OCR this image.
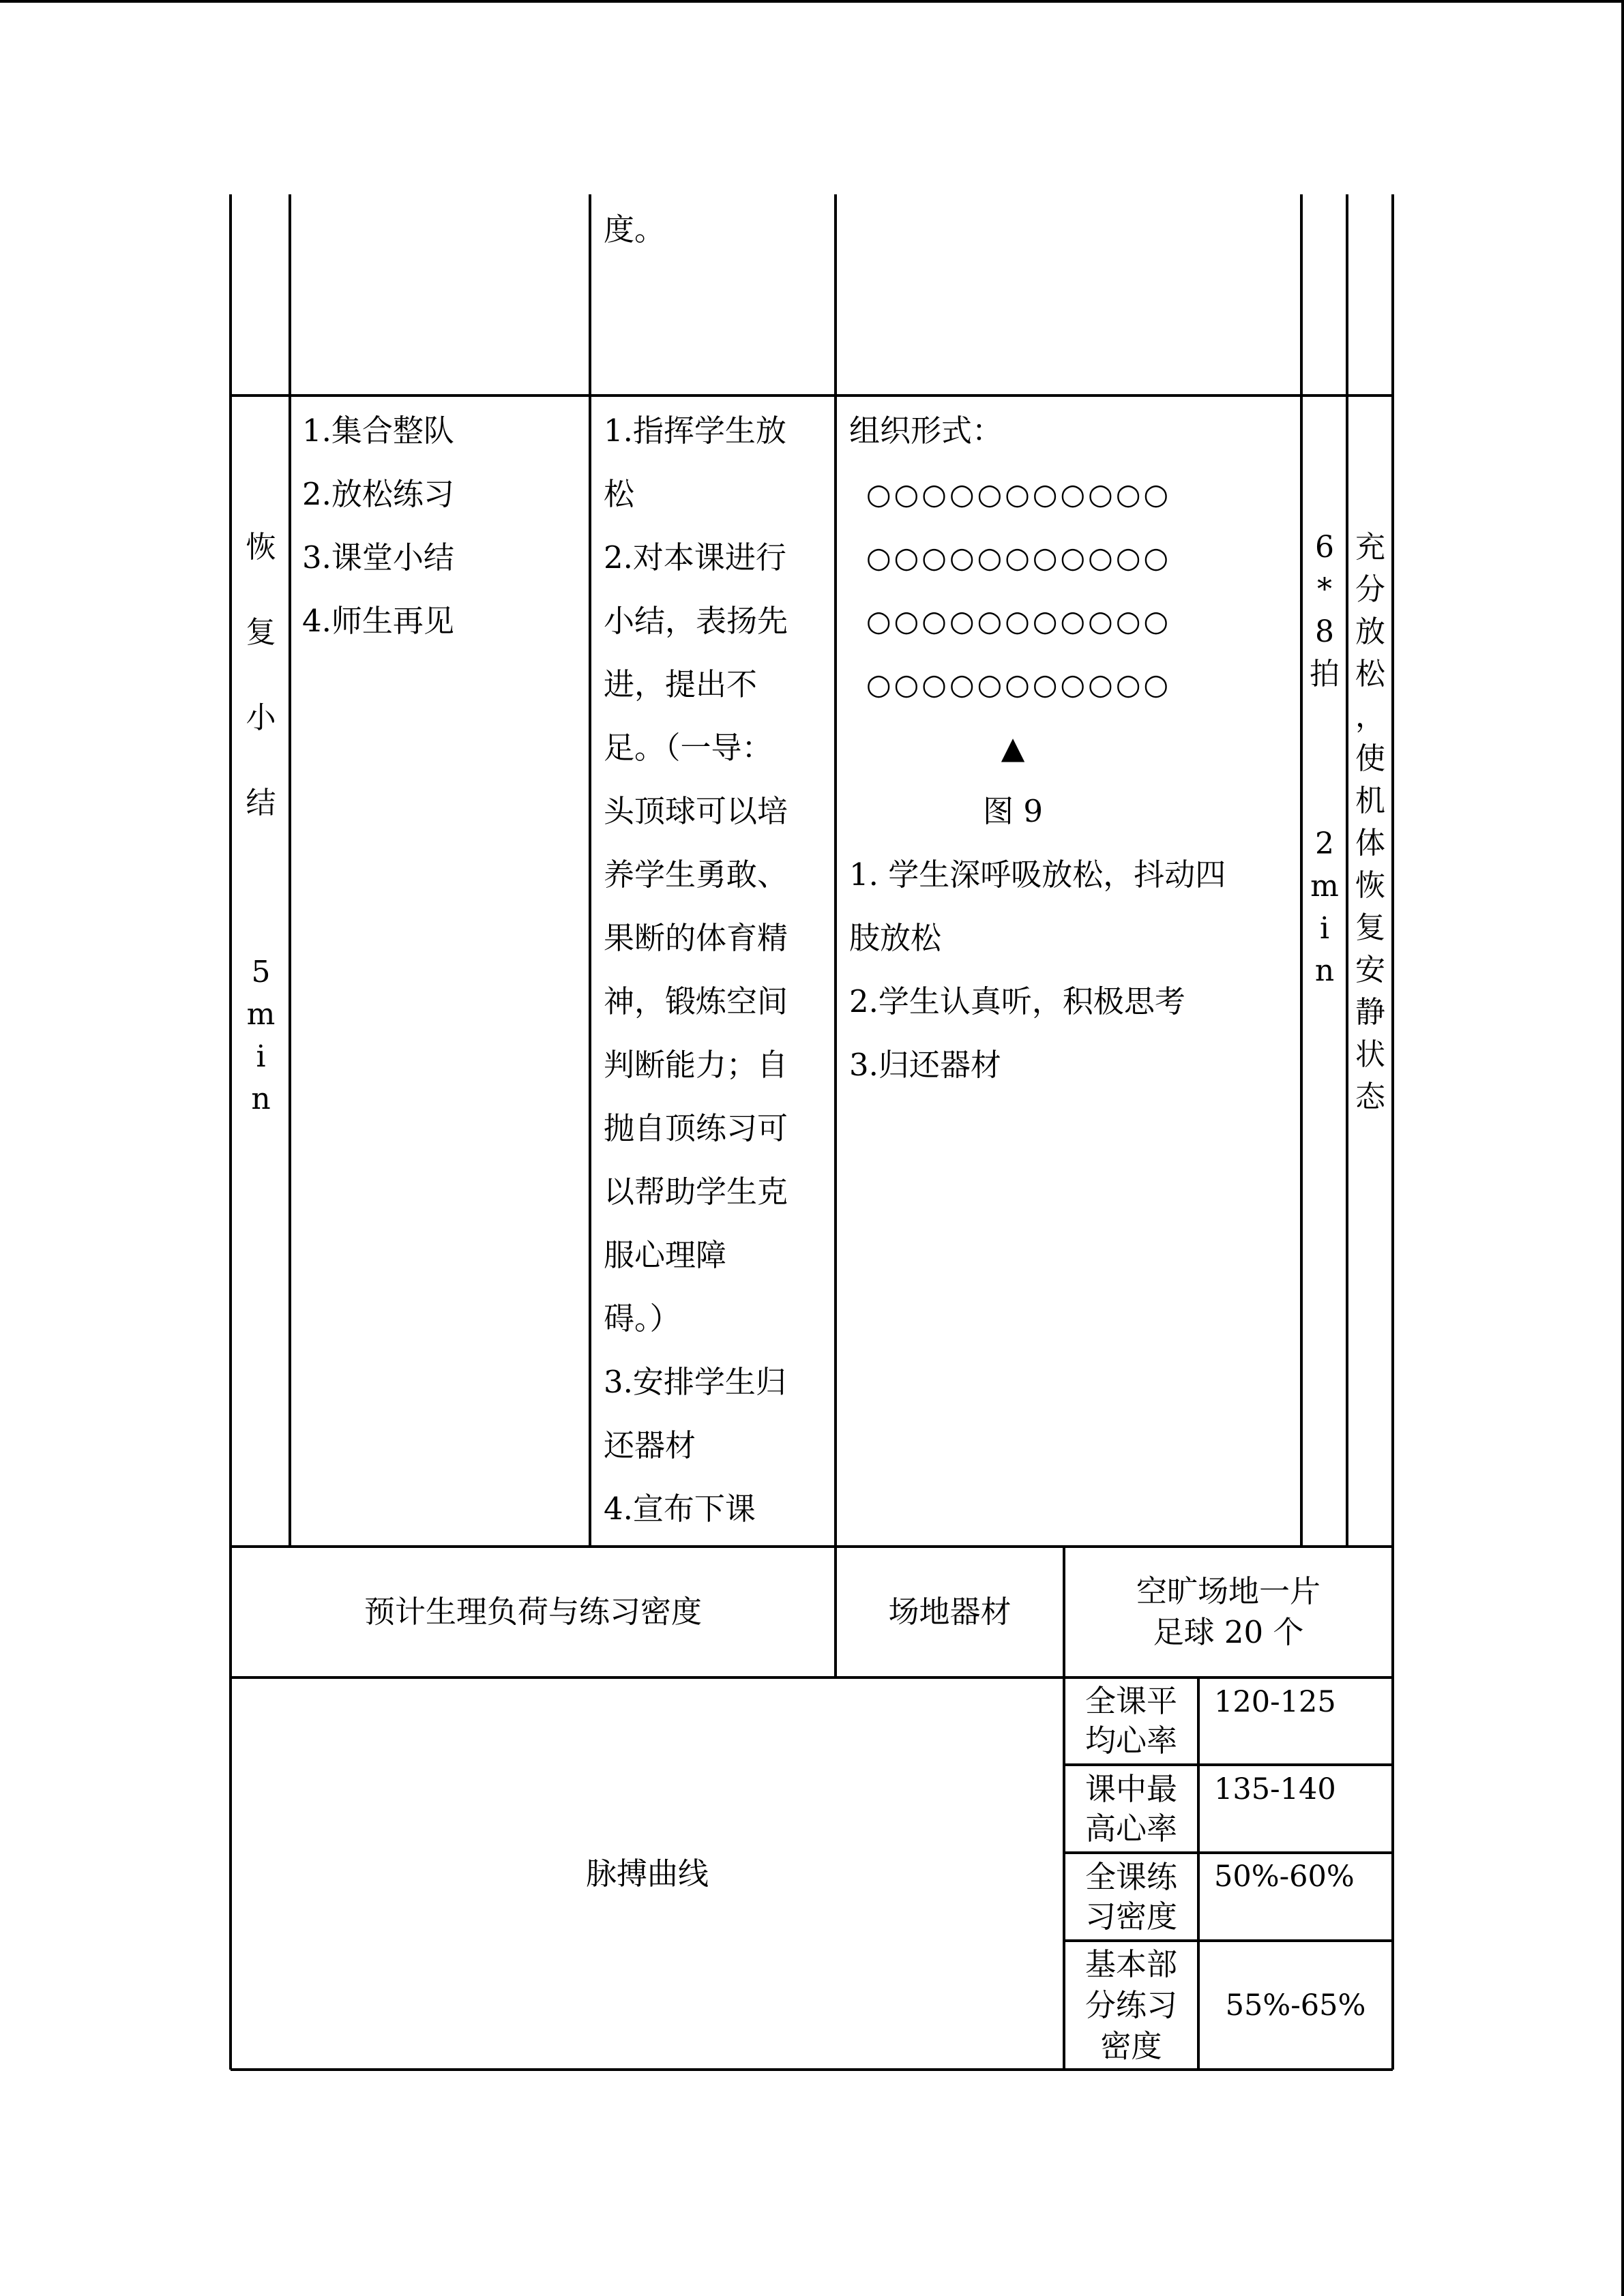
度。
恢
复
小
结
5
m
i
n
1.集合整队
2.放松练习
3.课堂小结
4.师生再见
1.指挥学生放
松
2.对本课进行
小结，表扬先
进，提出不
足。（一导：
头顶球可以培
养学生勇敢、
果断的体育精
神，锻炼空间
判断能力；自
抛自顶练习可
以帮助学生克
服心理障
碍。）
3.安排学生归
还器材
4.宣布下课
组织形式：
○○○○○○○○○○○
○○○○○○○○○○○
○○○○○○○○○○○
○○○○○○○○○○○
▲
图 9
1. 学生深呼吸放松，抖动四
肢放松
2.学生认真听，积极思考
3.归还器材
6
*
8
拍
2
m
i
n
充
分
放
松
，
使
机
体
恢
复
安
静
状
态
预计生理负荷与练习密度	场地器材
空旷场地一片
足球 20 个
脉搏曲线
全课平
均心率
120-125
课中最
高心率
135-140
全课练
习密度
50%-60%
基本部
分练习
密度
55%-65%
